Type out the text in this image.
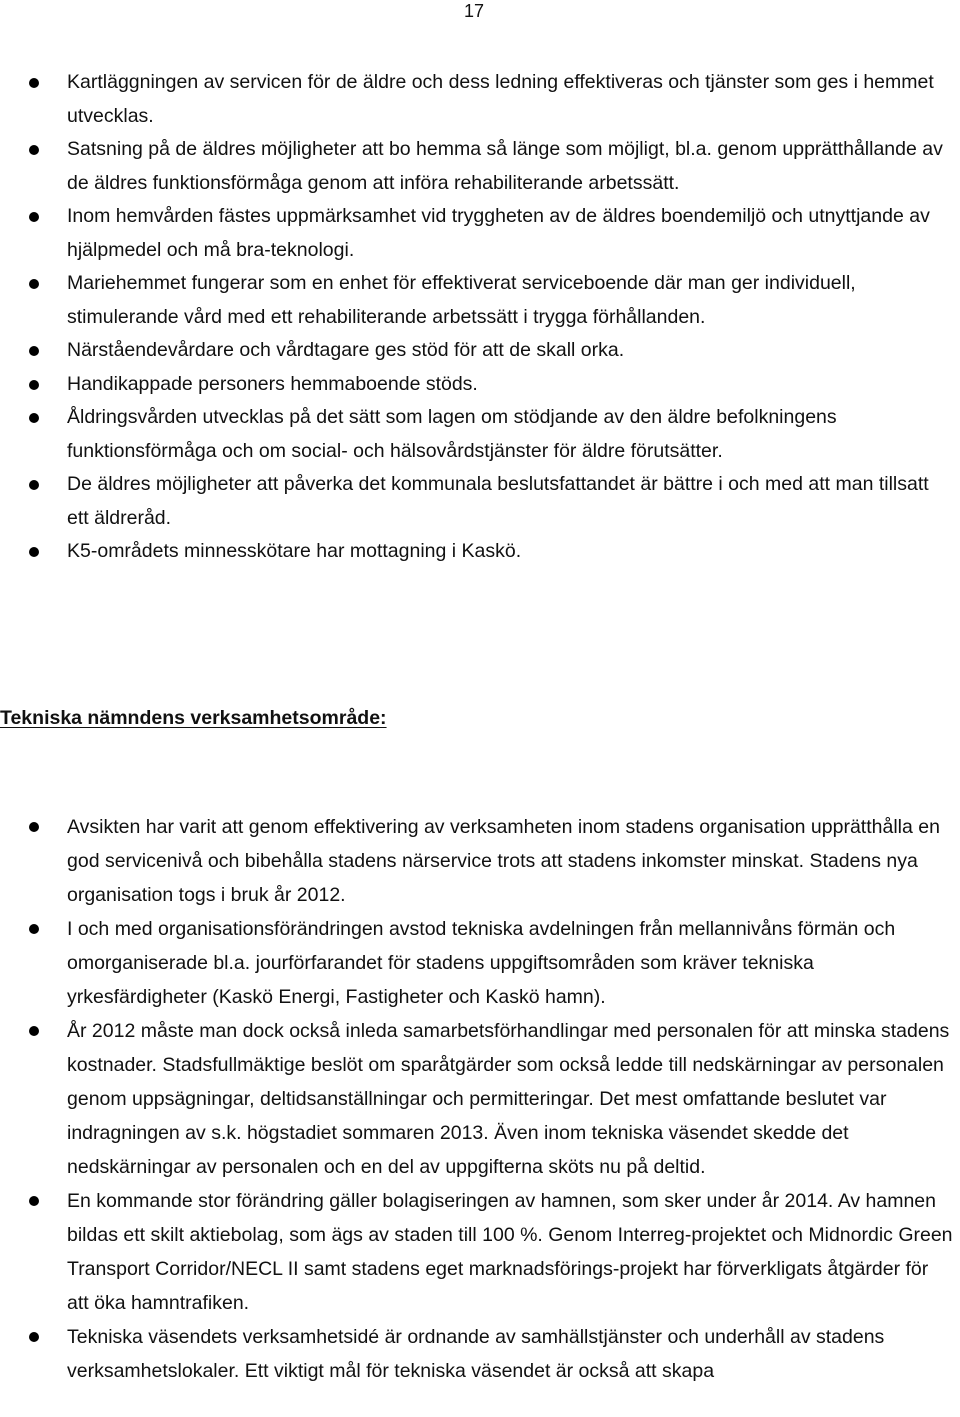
17
Kartläggningen av servicen för de äldre och dess ledning effektiveras och tjänster som ges i hemmet utvecklas.
Satsning på de äldres möjligheter att bo hemma så länge som möjligt, bl.a. genom upprätthållande av de äldres funktionsförmåga genom att införa rehabiliterande arbetssätt.
Inom hemvården fästes uppmärksamhet vid tryggheten av de äldres boendemiljö och utnyttjande av hjälpmedel och må bra-teknologi.
Mariehemmet fungerar som en enhet för effektiverat serviceboende där man ger individuell, stimulerande vård med ett rehabiliterande arbetssätt i trygga förhållanden.
Närståendevårdare och vårdtagare ges stöd för att de skall orka.
Handikappade personers hemmaboende stöds.
Åldringsvården utvecklas på det sätt som lagen om stödjande av den äldre befolkningens funktionsförmåga och om social- och hälsovårdstjänster för äldre förutsätter.
De äldres möjligheter att påverka det kommunala beslutsfattandet är bättre i och med att man tillsatt ett äldreråd.
K5-områdets minnesskötare har mottagning i Kaskö.
Tekniska nämndens verksamhetsområde:
Avsikten har varit att genom effektivering av verksamheten inom stadens organisation upprätthålla en god servicenivå och bibehålla stadens närservice trots att stadens inkomster minskat. Stadens nya organisation togs i bruk år 2012.
I och med organisationsförändringen avstod tekniska avdelningen från mellannivåns förmän och omorganiserade bl.a. jourförfarandet för stadens uppgiftsområden som kräver tekniska yrkesfärdigheter (Kaskö Energi, Fastigheter och Kaskö hamn).
År 2012 måste man dock också inleda samarbetsförhandlingar med personalen för att minska stadens kostnader. Stadsfullmäktige beslöt om sparåtgärder som också ledde till nedskärningar av personalen genom uppsägningar, deltidsanställningar och permitteringar. Det mest omfattande beslutet var indragningen av s.k. högstadiet sommaren 2013. Även inom tekniska väsendet skedde det nedskärningar av personalen och en del av uppgifterna sköts nu på deltid.
En kommande stor förändring gäller bolagiseringen av hamnen, som sker under år 2014. Av hamnen bildas ett skilt aktiebolag, som ägs av staden till 100 %. Genom Interreg-projektet och Midnordic Green Transport Corridor/NECL II samt stadens eget marknadsförings-projekt har förverkligats åtgärder för att öka hamntrafiken.
Tekniska väsendets verksamhetsidé är ordnande av samhällstjänster och underhåll av stadens verksamhetslokaler. Ett viktigt mål för tekniska väsendet är också att skapa
